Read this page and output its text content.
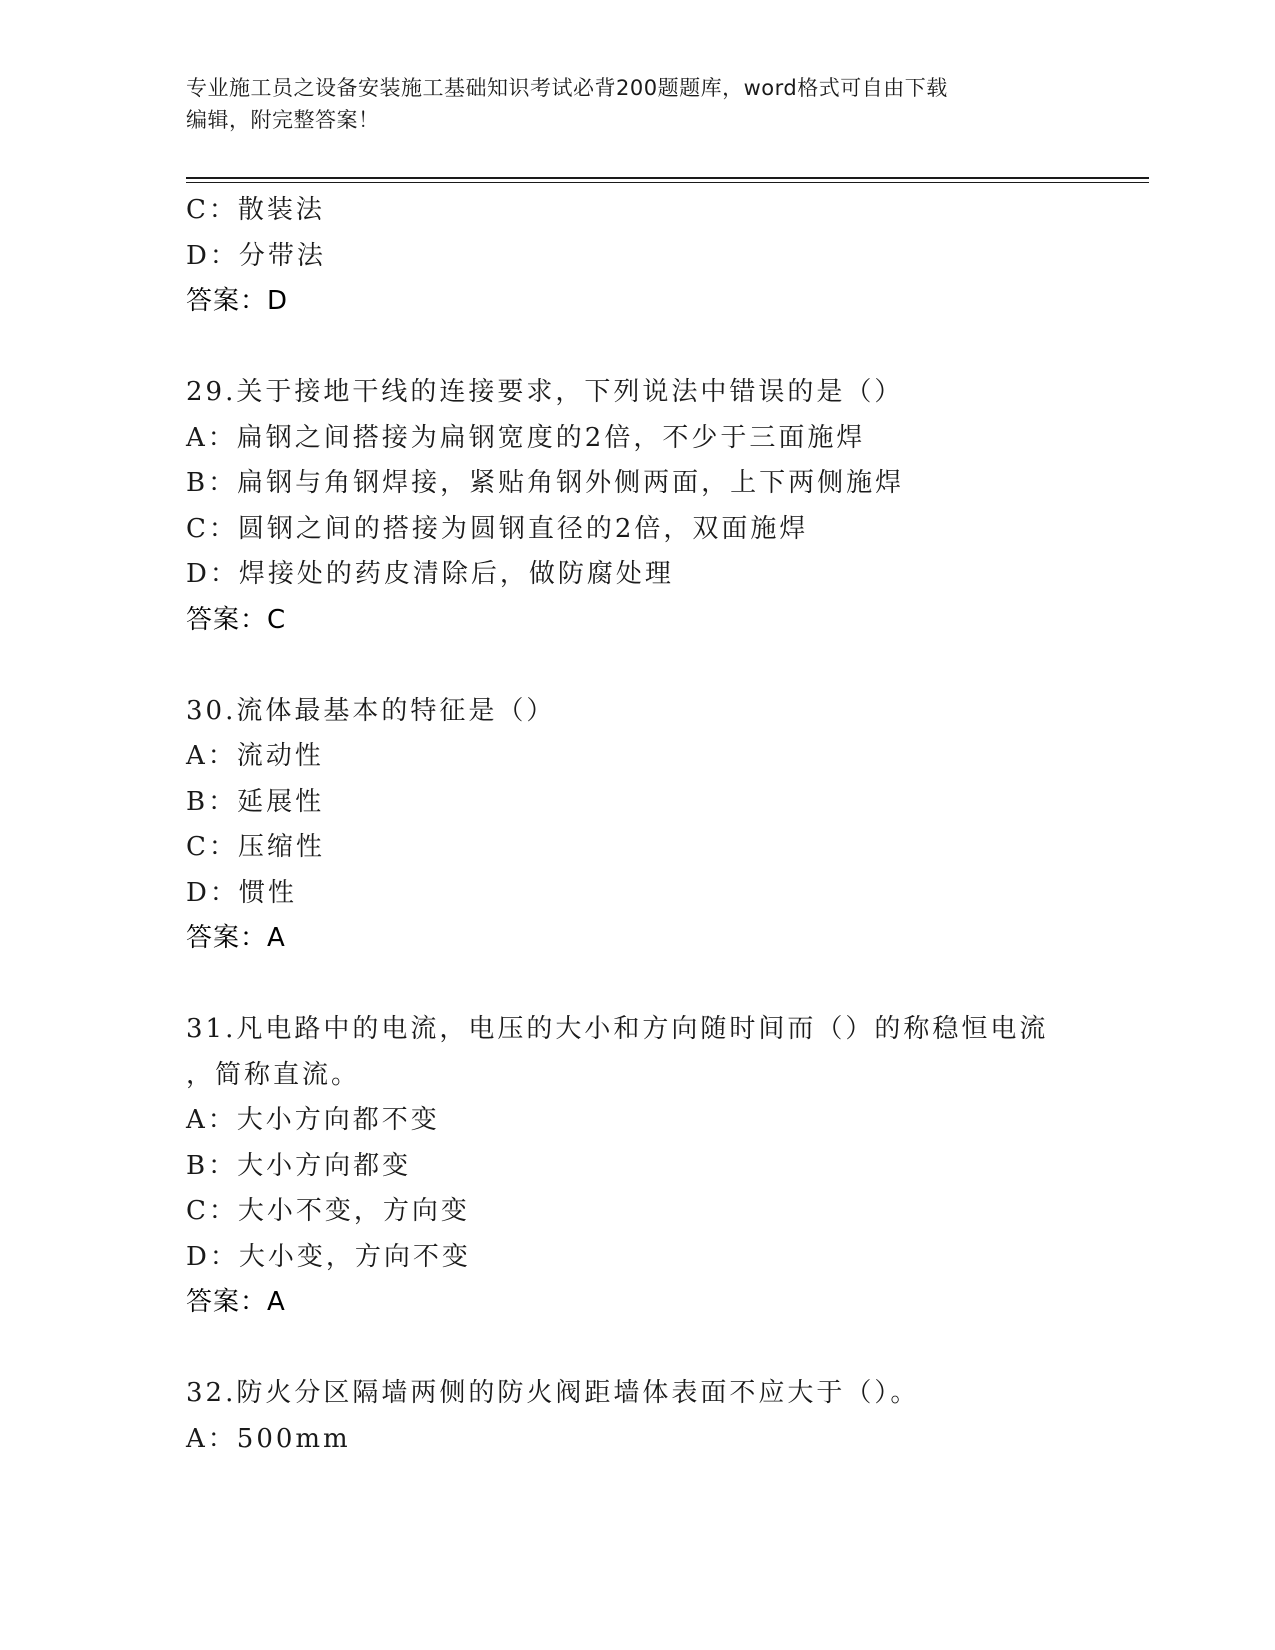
专业施工员之设备安装施工基础知识考试必背200题题库，word格式可自由下载
编辑，附完整答案！
C：散装法
D：分带法
答案：D
29.关于接地干线的连接要求，下列说法中错误的是（）
A：扁钢之间搭接为扁钢宽度的2倍，不少于三面施焊
B：扁钢与角钢焊接，紧贴角钢外侧两面，上下两侧施焊
C：圆钢之间的搭接为圆钢直径的2倍，双面施焊
D：焊接处的药皮清除后，做防腐处理
答案：C
30.流体最基本的特征是（）
A：流动性
B：延展性
C：压缩性
D：惯性
答案：A
31.凡电路中的电流，电压的大小和方向随时间而（）的称稳恒电流
，简称直流。
A：大小方向都不变
B：大小方向都变
C：大小不变，方向变
D：大小变，方向不变
答案：A
32.防火分区隔墙两侧的防火阀距墙体表面不应大于（）。
A：500mm
